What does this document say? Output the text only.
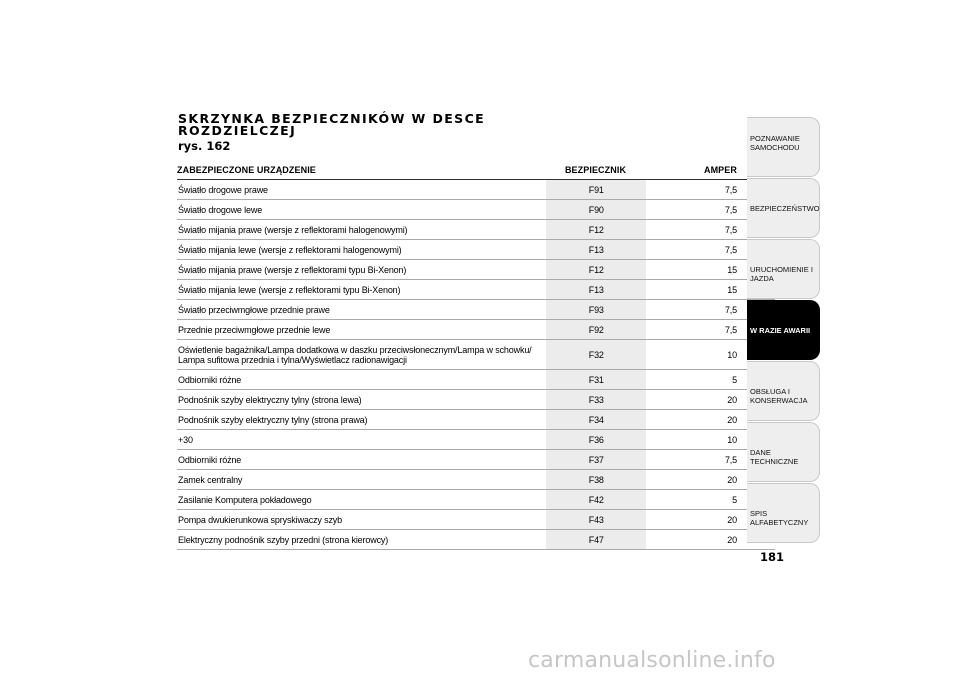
SKRZYNKA BEZPIECZNIKÓW W DESCE ROZDZIELCZEJ
rys. 162
ZABEZPIECZONE URZĄDZENIE	BEZPIECZNIK	AMPER
Światło drogowe prawe	F91	7,5
Światło drogowe lewe	F90	7,5
Światło mijania prawe (wersje z reflektorami halogenowymi)	F12	7,5
Światło mijania lewe (wersje z reflektorami halogenowymi)	F13	7,5
Światło mijania prawe (wersje z reflektorami typu Bi-Xenon)	F12	15
Światło mijania lewe (wersje z reflektorami typu Bi-Xenon)	F13	15
Światło przeciwmgłowe przednie prawe	F93	7,5
Przednie przeciwmgłowe przednie lewe	F92	7,5
Oświetlenie bagażnika/Lampa dodatkowa w daszku przeciwsłonecznym/Lampa w schowku/
Lampa sufitowa przednia i tylna/Wyświetlacz radionawigacji	F32	10
Odbiorniki różne	F31	5
Podnośnik szyby elektryczny tylny (strona lewa)	F33	20
Podnośnik szyby elektryczny tylny (strona prawa)	F34	20
+30	F36	10
Odbiorniki różne	F37	7,5
Zamek centralny	F38	20
Zasilanie Komputera pokładowego	F42	5
Pompa dwukierunkowa spryskiwaczy szyb	F43	20
Elektryczny podnośnik szyby przedni (strona kierowcy)	F47	20
POZNAWANIE
SAMOCHODU
BEZPIECZEŃSTWO
URUCHOMIENIE I
JAZDA
W RAZIE AWARII
OBSŁUGA I
KONSERWACJA
DANE TECHNICZNE
SPIS ALFABETYCZNY
181
carmanualsonline.info
